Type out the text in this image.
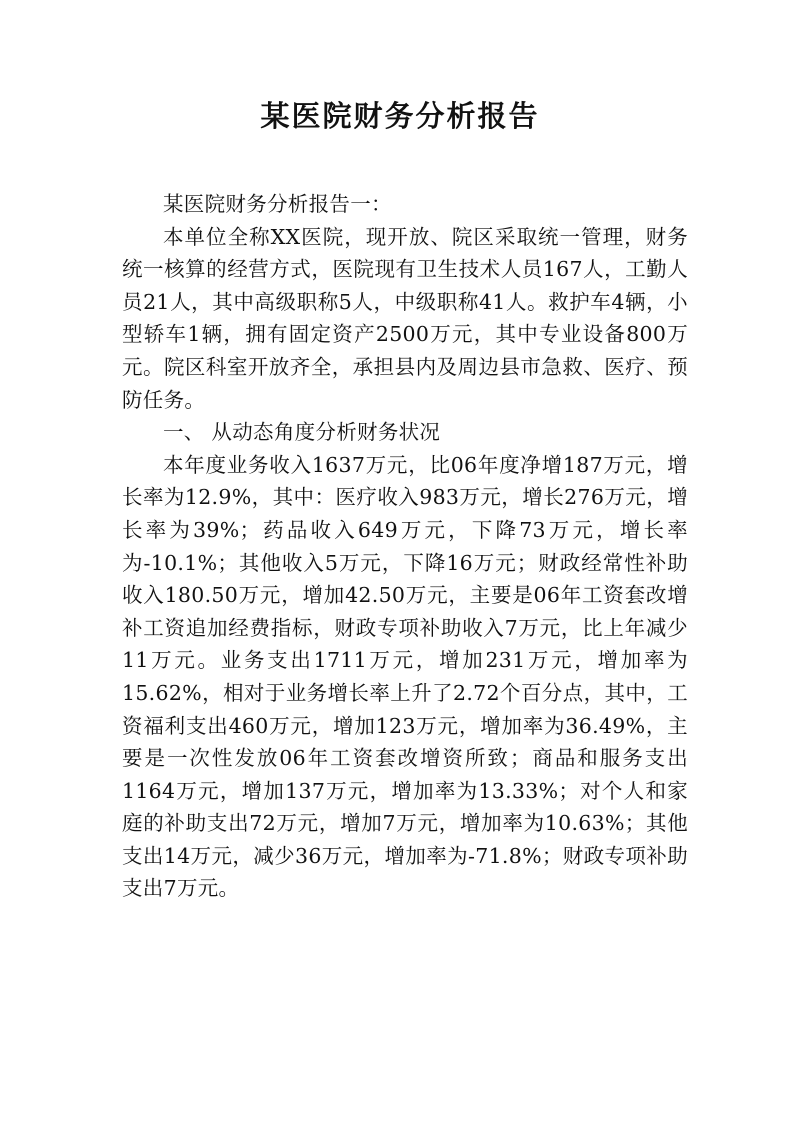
某医院财务分析报告

某医院财务分析报告一：

本单位全称XX医院，现开放、院区采取统一管理，财务统一核算的经营方式，医院现有卫生技术人员167人，工勤人员21人，其中高级职称5人，中级职称41人。救护车4辆，小型轿车1辆，拥有固定资产2500万元，其中专业设备800万元。院区科室开放齐全，承担县内及周边县市急救、医疗、预防任务。

一、 从动态角度分析财务状况

本年度业务收入1637万元，比06年度净增187万元，增长率为12.9%，其中：医疗收入983万元，增长276万元，增长率为39%；药品收入649万元，下降73万元，增长率为-10.1%；其他收入5万元，下降16万元；财政经常性补助收入180.50万元，增加42.50万元，主要是06年工资套改增补工资追加经费指标，财政专项补助收入7万元，比上年减少11万元。业务支出1711万元，增加231万元，增加率为15.62%，相对于业务增长率上升了2.72个百分点，其中，工资福利支出460万元，增加123万元，增加率为36.49%，主要是一次性发放06年工资套改增资所致；商品和服务支出1164万元，增加137万元，增加率为13.33%；对个人和家庭的补助支出72万元，增加7万元，增加率为10.63%；其他支出14万元，减少36万元，增加率为-71.8%；财政专项补助支出7万元。
